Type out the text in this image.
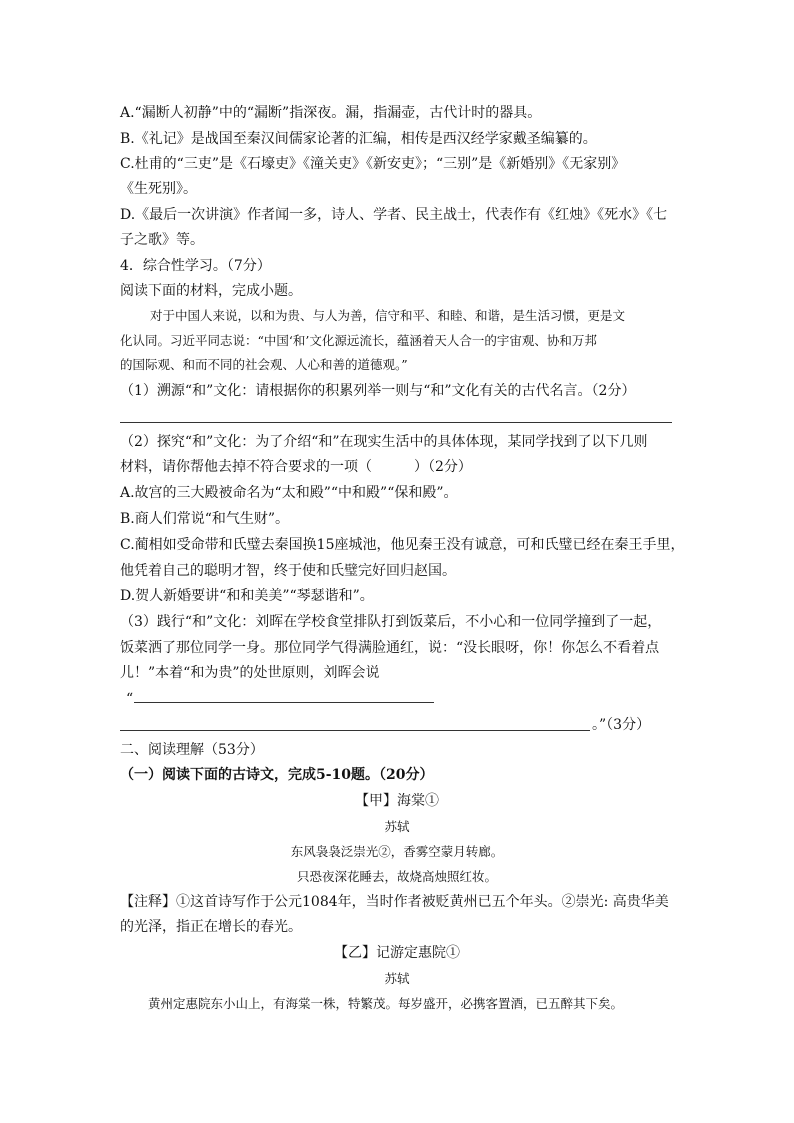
A.“漏断人初静”中的“漏断”指深夜。漏，指漏壶，古代计时的器具。
B.《礼记》是战国至秦汉间儒家论著的汇编，相传是西汉经学家戴圣编纂的。
C.杜甫的“三吏”是《石壕吏》《潼关吏》《新安吏》；“三别”是《新婚别》《无家别》
《生死别》。
D.《最后一次讲演》作者闻一多，诗人、学者、民主战士，代表作有《红烛》《死水》《七
子之歌》等。
4．综合性学习。（7分）
阅读下面的材料，完成小题。
对于中国人来说，以和为贵、与人为善，信守和平、和睦、和谐，是生活习惯，更是文
化认同。习近平同志说：“中国‘和’文化源远流长，蕴涵着天人合一的宇宙观、协和万邦
的国际观、和而不同的社会观、人心和善的道德观。”
（1）溯源“和”文化：请根据你的积累列举一则与“和”文化有关的古代名言。（2分）
（2）探究“和”文化：为了介绍“和”在现实生活中的具体体现，某同学找到了以下几则
材料，请你帮他去掉不符合要求的一项（　　　）（2分）
A.故宫的三大殿被命名为“太和殿”“中和殿”“保和殿”。
B.商人们常说“和气生财”。
C.蔺相如受命带和氏璧去秦国换15座城池，他见秦王没有诚意，可和氏璧已经在秦王手里，
他凭着自己的聪明才智，终于使和氏璧完好回归赵国。
D.贺人新婚要讲“和和美美”“琴瑟谐和”。
（3）践行“和”文化：刘晖在学校食堂排队打到饭菜后，不小心和一位同学撞到了一起，
饭菜洒了那位同学一身。那位同学气得满脸通红，说：“没长眼呀，你！你怎么不看着点
儿！”本着“和为贵”的处世原则，刘晖会说
“
。”（3分）
二、阅读理解（53分）
（一）阅读下面的古诗文，完成5-10题。（20分）
【甲】海棠①
苏轼
东风袅袅泛崇光②，香雾空蒙月转廊。
只恐夜深花睡去，故烧高烛照红妆。
【注释】①这首诗写作于公元1084年，当时作者被贬黄州已五个年头。②崇光: 高贵华美
的光泽，指正在增长的春光。
【乙】记游定惠院①
苏轼
黄州定惠院东小山上，有海棠一株，特繁茂。每岁盛开，必携客置酒，已五醉其下矣。
